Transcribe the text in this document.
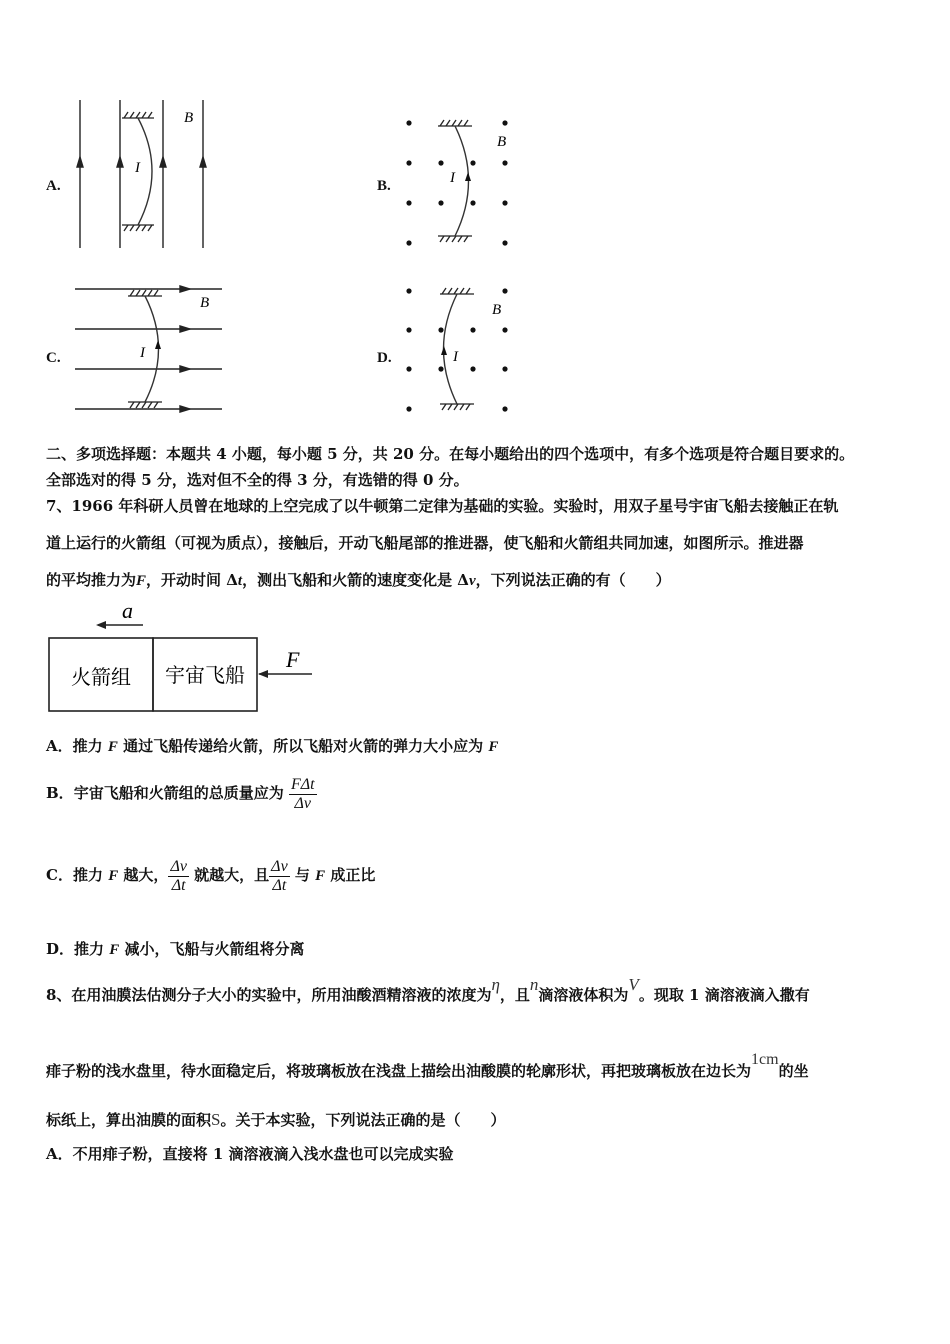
A.
B
I
B.
B
I
C.
B
I	D.
B
I
二、多项选择题：本题共 4 小题，每小题 5 分，共 20 分。在每小题给出的四个选项中，有多个选项是符合题目要求的。
全部选对的得 5 分，选对但不全的得 3 分，有选错的得 0 分。
7、1966 年科研人员曾在地球的上空完成了以牛顿第二定律为基础的实验。实验时，用双子星号宇宙飞船去接触正在轨
道上运行的火箭组（可视为质点），接触后，开动飞船尾部的推进器，使飞船和火箭组共同加速，如图所示。推进器
的平均推力为F，开动时间 Δt，测出飞船和火箭的速度变化是 Δv，下列说法正确的有（　　）
a
火箭组 宇宙飞船
F
A．推力 F 通过飞船传递给火箭，所以飞船对火箭的弹力大小应为 F
B．宇宙飞船和火箭组的总质量应为 $\frac{\text{FΔt}}{\Delta v}$
C．推力 F 越大， $\frac{\Delta v}{\Delta t}$ 就越大，且 $\frac{\Delta v}{\Delta t}$ 与 F 成正比
D．推力 F 减小，飞船与火箭组将分离
8、在用油膜法估测分子大小的实验中，所用油酸酒精溶液的浓度为η，且n滴溶液体积为V。现取 1 滴溶液滴入撒有
痱子粉的浅水盘里，待水面稳定后，将玻璃板放在浅盘上描绘出油酸膜的轮廓形状，再把玻璃板放在边长为1cm的坐
标纸上，算出油膜的面积S。关于本实验，下列说法正确的是（　　）
A．不用痱子粉，直接将 1 滴溶液滴入浅水盘也可以完成实验
